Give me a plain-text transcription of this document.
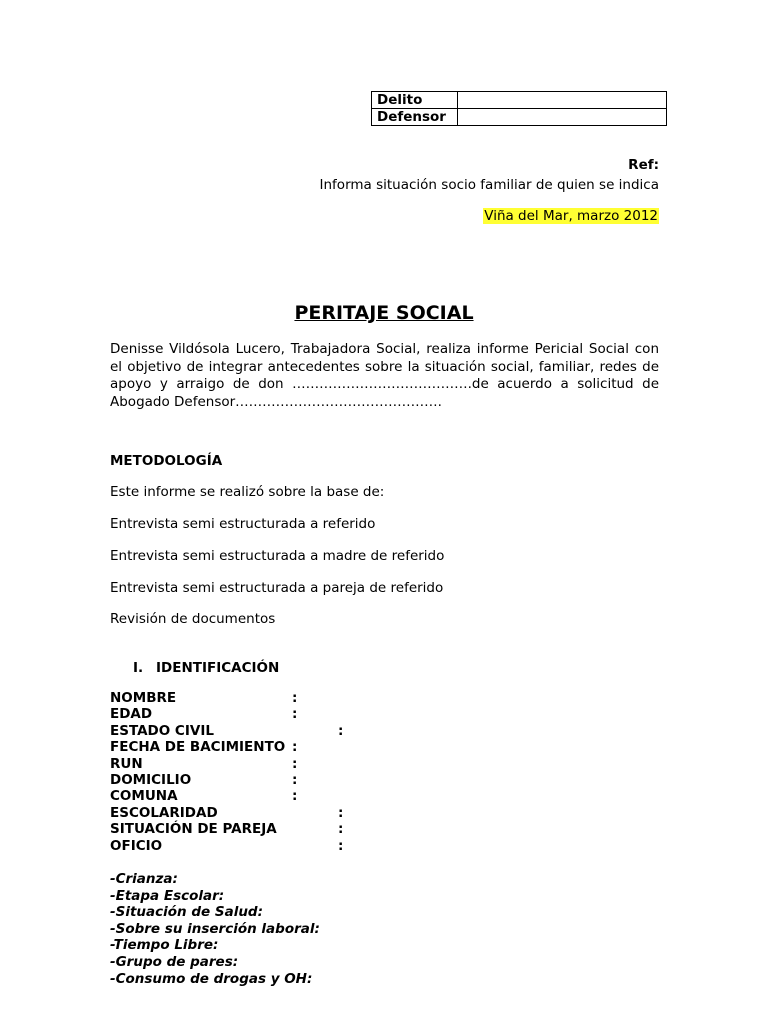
Delito	
Defensor	
Ref:
Informa situación socio familiar de quien se indica
Viña del Mar, marzo 2012
PERITAJE SOCIAL
Denisse Vildósola Lucero, Trabajadora Social, realiza informe Pericial Social con el objetivo de integrar antecedentes sobre la situación social, familiar, redes de apoyo y arraigo de don ………………………………….de acuerdo a solicitud de Abogado Defensor……………………………………….
METODOLOGÍA
Este informe se realizó sobre la base de:
Entrevista semi estructurada a referido
Entrevista semi estructurada a madre de referido
Entrevista semi estructurada a pareja de referido
Revisión de documentos
I. IDENTIFICACIÓN
NOMBRE	:
EDAD	:
ESTADO CIVIL	:
FECHA DE BACIMIENTO :
RUN	:
DOMICILIO	:
COMUNA	:
ESCOLARIDAD	:
SITUACIÓN DE PAREJA	:
OFICIO	:
-Crianza:
-Etapa Escolar:
-Situación de Salud:
-Sobre su inserción laboral:
-Tiempo Libre:
-Grupo de pares:
-Consumo de drogas y OH:
